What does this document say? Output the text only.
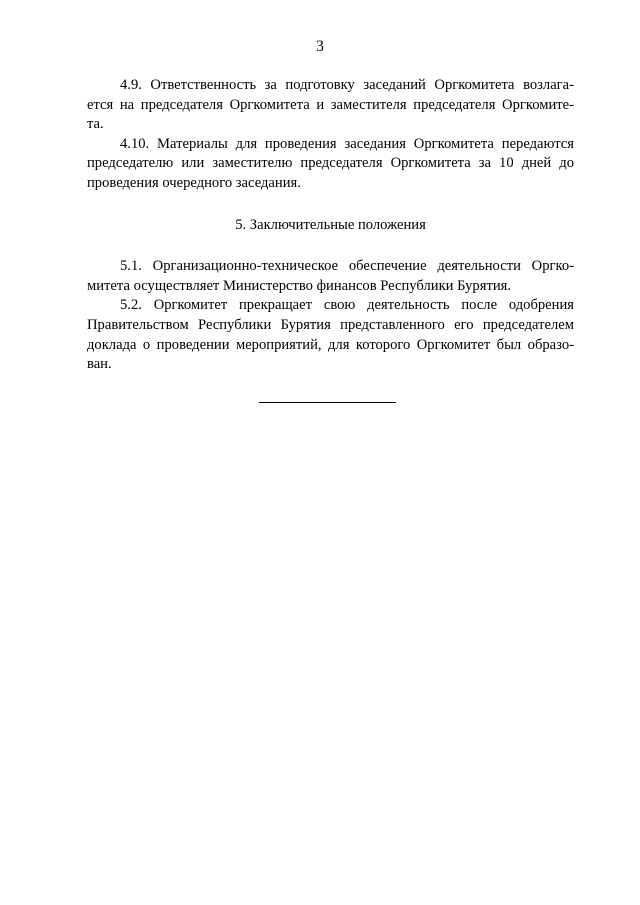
3

4.9. Ответственность за подготовку заседаний Оргкомитета возлага-
ется на председателя Оргкомитета и заместителя председателя Оргкомите-
та.

4.10. Материалы для проведения заседания Оргкомитета передаются
председателю или заместителю председателя Оргкомитета за 10 дней до
проведения очередного заседания.

5. Заключительные положения

5.1. Организационно-техническое обеспечение деятельности Оргко-
митета осуществляет Министерство финансов Республики Бурятия.

5.2. Оргкомитет прекращает свою деятельность после одобрения
Правительством Республики Бурятия представленного его председателем
доклада о проведении мероприятий, для которого Оргкомитет был образо-
ван.
